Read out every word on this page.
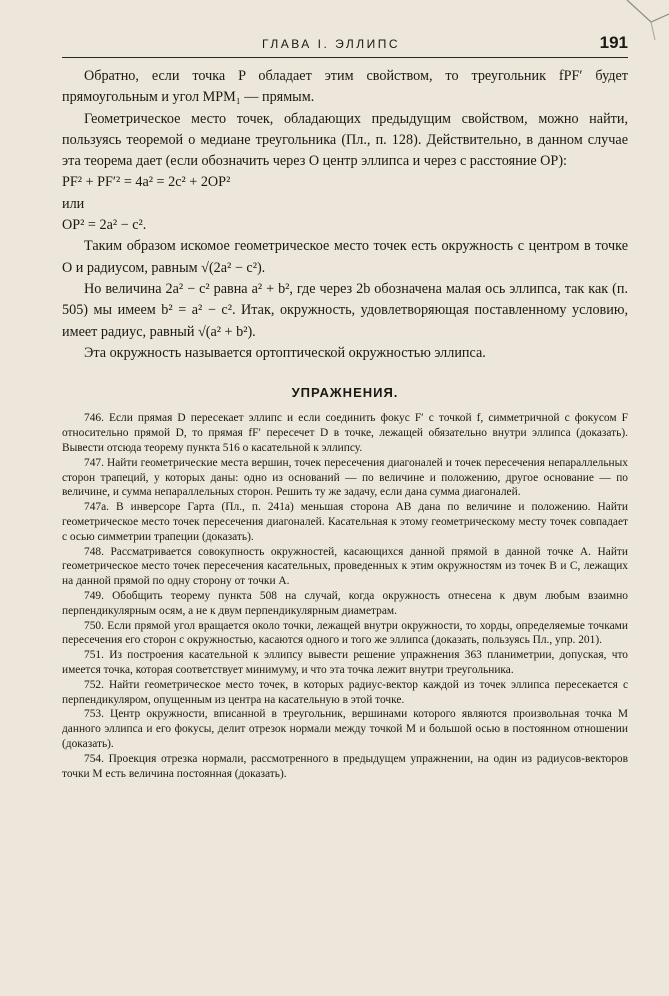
ГЛАВА I. ЭЛЛИПС	191

Обратно, если точка P обладает этим свойством, то треугольник fPF′ будет прямоугольным и угол MPM₁ — прямым.

Геометрическое место точек, обладающих предыдущим свойством, можно найти, пользуясь теоремой о медиане треугольника (Пл., п. 128). Действительно, в данном случае эта теорема дает (если обозначить через O центр эллипса и через c расстояние OP):

PF² + PF′² = 4a² = 2c² + 2OP²

или

OP² = 2a² − c².

Таким образом искомое геометрическое место точек есть окружность с центром в точке O и радиусом, равным √(2a² − c²).

Но величина 2a² − c² равна a² + b², где через 2b обозначена малая ось эллипса, так как (п. 505) мы имеем b² = a² − c². Итак, окружность, удовлетворяющая поставленному условию, имеет радиус, равный √(a² + b²).

Эта окружность называется ортоптической окружностью эллипса.

УПРАЖНЕНИЯ.

746. Если прямая D пересекает эллипс и если соединить фокус F′ с точкой f, симметричной с фокусом F относительно прямой D, то прямая fF′ пересечет D в точке, лежащей обязательно внутри эллипса (доказать). Вывести отсюда теорему пункта 516 о касательной к эллипсу.

747. Найти геометрические места вершин, точек пересечения диагоналей и точек пересечения непараллельных сторон трапеций, у которых даны: одно из оснований — по величине и положению, другое основание — по величине, и сумма непараллельных сторон. Решить ту же задачу, если дана сумма диагоналей.

747a. В инверсоре Гарта (Пл., п. 241a) меньшая сторона AB дана по величине и положению. Найти геометрическое место точек пересечения диагоналей. Касательная к этому геометрическому месту точек совпадает с осью симметрии трапеции (доказать).

748. Рассматривается совокупность окружностей, касающихся данной прямой в данной точке A. Найти геометрическое место точек пересечения касательных, проведенных к этим окружностям из точек B и C, лежащих на данной прямой по одну сторону от точки A.

749. Обобщить теорему пункта 508 на случай, когда окружность отнесена к двум любым взаимно перпендикулярным осям, а не к двум перпендикулярным диаметрам.

750. Если прямой угол вращается около точки, лежащей внутри окружности, то хорды, определяемые точками пересечения его сторон с окружностью, касаются одного и того же эллипса (доказать, пользуясь Пл., упр. 201).

751. Из построения касательной к эллипсу вывести решение упражнения 363 планиметрии, допуская, что имеется точка, которая соответствует минимуму, и что эта точка лежит внутри треугольника.

752. Найти геометрическое место точек, в которых радиус-вектор каждой из точек эллипса пересекается с перпендикуляром, опущенным из центра на касательную в этой точке.

753. Центр окружности, вписанной в треугольник, вершинами которого являются произвольная точка M данного эллипса и его фокусы, делит отрезок нормали между точкой M и большой осью в постоянном отношении (доказать).

754. Проекция отрезка нормали, рассмотренного в предыдущем упражнении, на один из радиусов-векторов точки M есть величина постоянная (доказать).
